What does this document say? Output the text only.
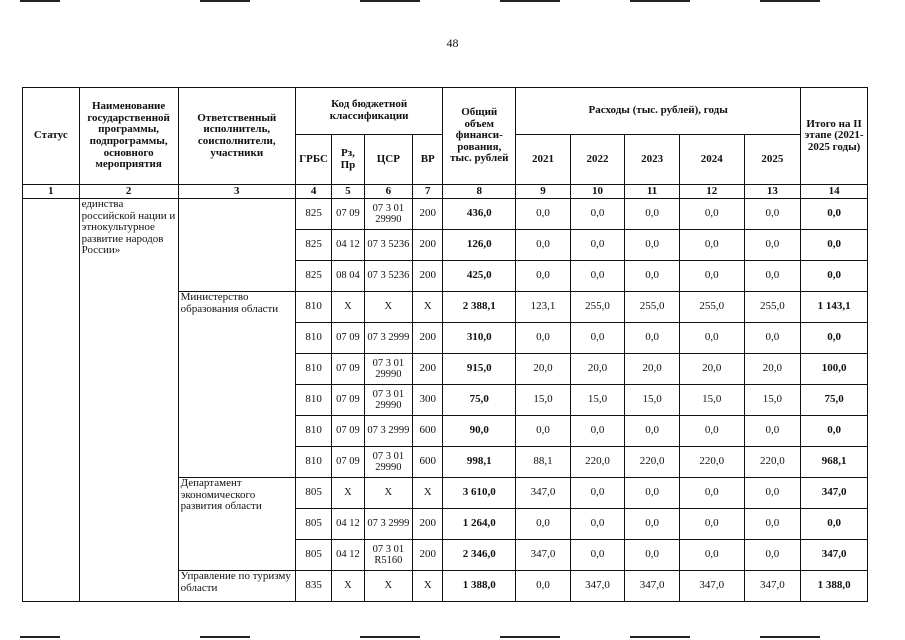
48
Статус	Наименование государственной программы, подпрограммы, основного мероприятия	Ответственный исполнитель, соисполнители, участники	Код бюджетной классификации				Общий объем финанси-рования, тыс. рублей	Расходы (тыс. рублей), годы					Итого на II этапе (2021-2025 годы)
			ГРБС	Рз, Пр	ЦСР	ВР		2021	2022	2023	2024	2025	
1	2	3	4	5	6	7	8	9	10	11	12	13	14
	единства российской нации и этнокультурное развитие народов России»		825	07 09	07 3 01 29990	200	436,0	0,0	0,0	0,0	0,0	0,0	0,0
			825	04 12	07 3 5236	200	126,0	0,0	0,0	0,0	0,0	0,0	0,0
			825	08 04	07 3 5236	200	425,0	0,0	0,0	0,0	0,0	0,0	0,0
		Министерство образования области	810	Х	Х	Х	2 388,1	123,1	255,0	255,0	255,0	255,0	1 143,1
			810	07 09	07 3 2999	200	310,0	0,0	0,0	0,0	0,0	0,0	0,0
			810	07 09	07 3 01 29990	200	915,0	20,0	20,0	20,0	20,0	20,0	100,0
			810	07 09	07 3 01 29990	300	75,0	15,0	15,0	15,0	15,0	15,0	75,0
			810	07 09	07 3 2999	600	90,0	0,0	0,0	0,0	0,0	0,0	0,0
			810	07 09	07 3 01 29990	600	998,1	88,1	220,0	220,0	220,0	220,0	968,1
		Департамент экономического развития области	805	Х	Х	Х	3 610,0	347,0	0,0	0,0	0,0	0,0	347,0
			805	04 12	07 3 2999	200	1 264,0	0,0	0,0	0,0	0,0	0,0	0,0
			805	04 12	07 3 01 R5160	200	2 346,0	347,0	0,0	0,0	0,0	0,0	347,0
		Управление по туризму области	835	Х	Х	Х	1 388,0	0,0	347,0	347,0	347,0	347,0	1 388,0
